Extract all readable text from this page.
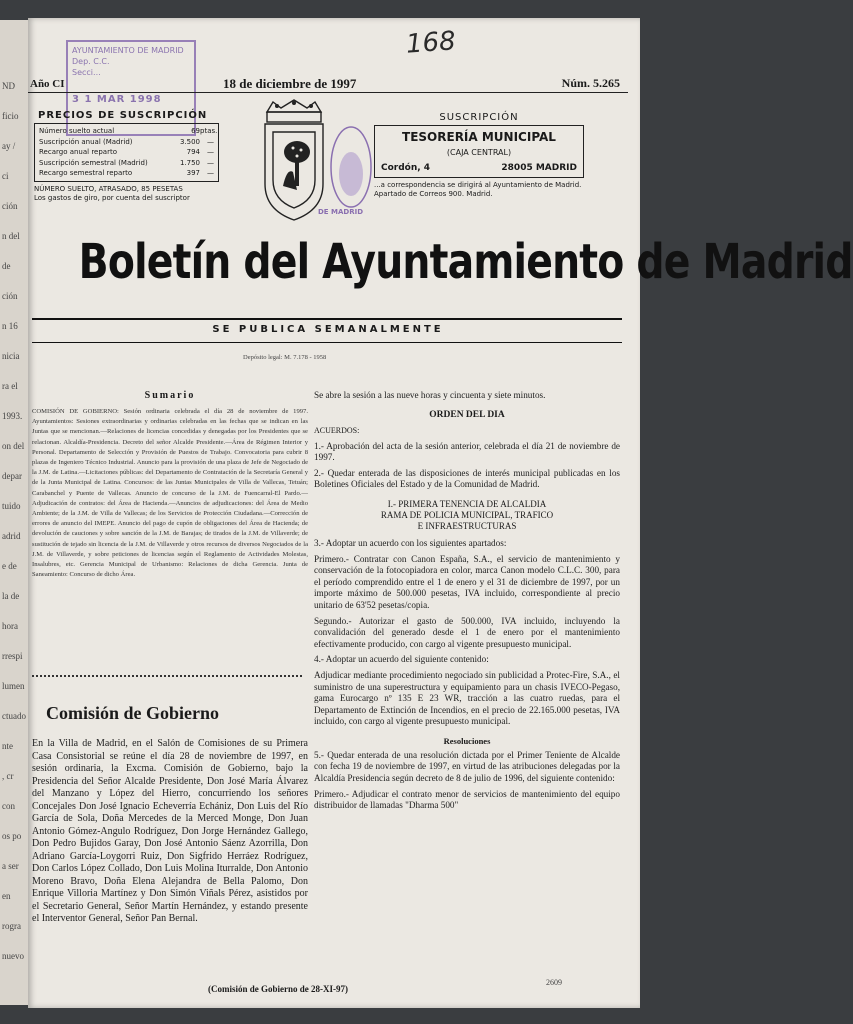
ND
ficio
ay /
ci
ción
n del
de
ción
n 16
nicia
ra el
1993.
on del
depar
tuido
adrid
e de
la de
hora
rrespi
lumen
ctuado
nte
, cr
con
os po
a ser
en
rogra
nuevo
168
AYUNTAMIENTO DE MADRID
Dep. C.C.
Secci...
3 1 MAR 1998
Año CI	18 de diciembre de 1997	Núm. 5.265
PRECIOS DE SUSCRIPCIÓN
Número suelto actual	69 ptas.
Suscripción anual (Madrid)	3.500	—
Recargo anual reparto	794	—
Suscripción semestral (Madrid)	1.750	—
Recargo semestral reparto	397	—
NÚMERO SUELTO, ATRASADO, 85 PESETAS
Los gastos de giro, por cuenta del suscriptor
DE MADRID
SUSCRIPCIÓN
TESORERÍA MUNICIPAL
(CAJA CENTRAL)
Cordón, 4	28005 MADRID
...a correspondencia se dirigirá al Ayuntamiento de Madrid. Apartado de Correos 900. Madrid.
Boletín del Ayuntamiento de Madrid
SE PUBLICA SEMANALMENTE
Depósito legal: M. 7.178 - 1958
Sumario
COMISIÓN DE GOBIERNO: Sesión ordinaria celebrada el día 28 de noviembre de 1997. Ayuntamientos: Sesiones extraordinarias y ordinarias celebradas en las fechas que se indican en las Juntas que se mencionan.—Relaciones de licencias concedidas y denegadas por los Presidentes que se relacionan. Alcaldía-Presidencia. Decreto del señor Alcalde Presidente.—Área de Régimen Interior y Personal. Departamento de Selección y Provisión de Puestos de Trabajo. Convocatoria para cubrir 8 plazas de Ingeniero Técnico Industrial. Anuncio para la provisión de una plaza de Jefe de Negociado de la J.M. de Latina.—Licitaciones públicas: del Departamento de Contratación de la Secretaría General y de la Junta Municipal de Latina. Concursos: de las Juntas Municipales de Villa de Vallecas, Tetuán; Carabanchel y Puente de Vallecas. Anuncio de concurso de la J.M. de Fuencarral-El Pardo.—Adjudicación de contratos: del Área de Hacienda.—Anuncios de adjudicaciones: del Área de Medio Ambiente; de la J.M. de Villa de Vallecas; de los Servicios de Protección Ciudadana.—Corrección de errores de anuncio del IMEPE. Anuncio del pago de cupón de obligaciones del Área de Hacienda; de devolución de cauciones y sobre sanción de la J.M. de Barajas; de tirados de la J.M. de Villaverde; de sustitución de tejado sin licencia de la J.M. de Villaverde y otros recursos de diversos Negociados de la J.M. de Villaverde, y sobre peticiones de licencias según el Reglamento de Actividades Molestas, Insalubres, etc. Gerencia Municipal de Urbanismo: Relaciones de dicha Gerencia. Junta de Saneamiento: Concurso de dicho Área.
Comisión de Gobierno
En la Villa de Madrid, en el Salón de Comisiones de su Primera Casa Consistorial se reúne el día 28 de noviembre de 1997, en sesión ordinaria, la Excma. Comisión de Gobierno, bajo la Presidencia del Señor Alcalde Presidente, Don José María Álvarez del Manzano y López del Hierro, concurriendo los señores Concejales Don José Ignacio Echeverría Echániz, Don Luis del Río García de Sola, Doña Mercedes de la Merced Monge, Don Juan Antonio Gómez-Angulo Rodríguez, Don Jorge Hernández Gallego, Don Pedro Bujidos Garay, Don José Antonio Sáenz Azorrilla, Don Adriano García-Loygorri Ruiz, Don Sigfrido Herráez Rodríguez, Don Carlos López Collado, Don Luis Molina Iturralde, Don Antonio Moreno Bravo, Doña Elena Alejandra de Bella Palomo, Don Enrique Villoria Martínez y Don Simón Viñals Pérez, asistidos por el Secretario General, Señor Martín Hernández, y estando presente el Interventor General, Señor Pan Bernal.

Se abre la sesión a las nueve horas y cincuenta y siete minutos.

ORDEN DEL DIA
ACUERDOS:

1.- Aprobación del acta de la sesión anterior, celebrada el día 21 de noviembre de 1997.

2.- Quedar enterada de las disposiciones de interés municipal publicadas en los Boletines Oficiales del Estado y de la Comunidad de Madrid.

I.- PRIMERA TENENCIA DE ALCALDIA
RAMA DE POLICIA MUNICIPAL, TRAFICO
E INFRAESTRUCTURAS

3.- Adoptar un acuerdo con los siguientes apartados:

Primero.- Contratar con Canon España, S.A., el servicio de mantenimiento y conservación de la fotocopiadora en color, marca Canon modelo C.L.C. 300, para el período comprendido entre el 1 de enero y el 31 de diciembre de 1997, por un importe máximo de 500.000 pesetas, IVA incluido, correspondiente al precio unitario de 63'52 pesetas/copia.

Segundo.- Autorizar el gasto de 500.000, IVA incluido, incluyendo la convalidación del generado desde el 1 de enero por el mantenimiento efectivamente producido, con cargo al vigente presupuesto municipal.

4.- Adoptar un acuerdo del siguiente contenido:

Adjudicar mediante procedimiento negociado sin publicidad a Protec-Fire, S.A., el suministro de una superestructura y equipamiento para un chasis IVECO-Pegaso, gama Eurocargo nº 135 E 23 WR, tracción a las cuatro ruedas, para el Departamento de Extinción de Incendios, en el precio de 22.165.000 pesetas, IVA incluido, con cargo al vigente presupuesto municipal.

Resoluciones

5.- Quedar enterada de una resolución dictada por el Primer Teniente de Alcalde con fecha 19 de noviembre de 1997, en virtud de las atribuciones delegadas por la Alcaldía Presidencia según decreto de 8 de julio de 1996, del siguiente contenido:

Primero.- Adjudicar el contrato menor de servicios de mantenimiento del equipo distribuidor de llamadas "Dharma 500"

2609
(Comisión de Gobierno de 28-XI-97)
